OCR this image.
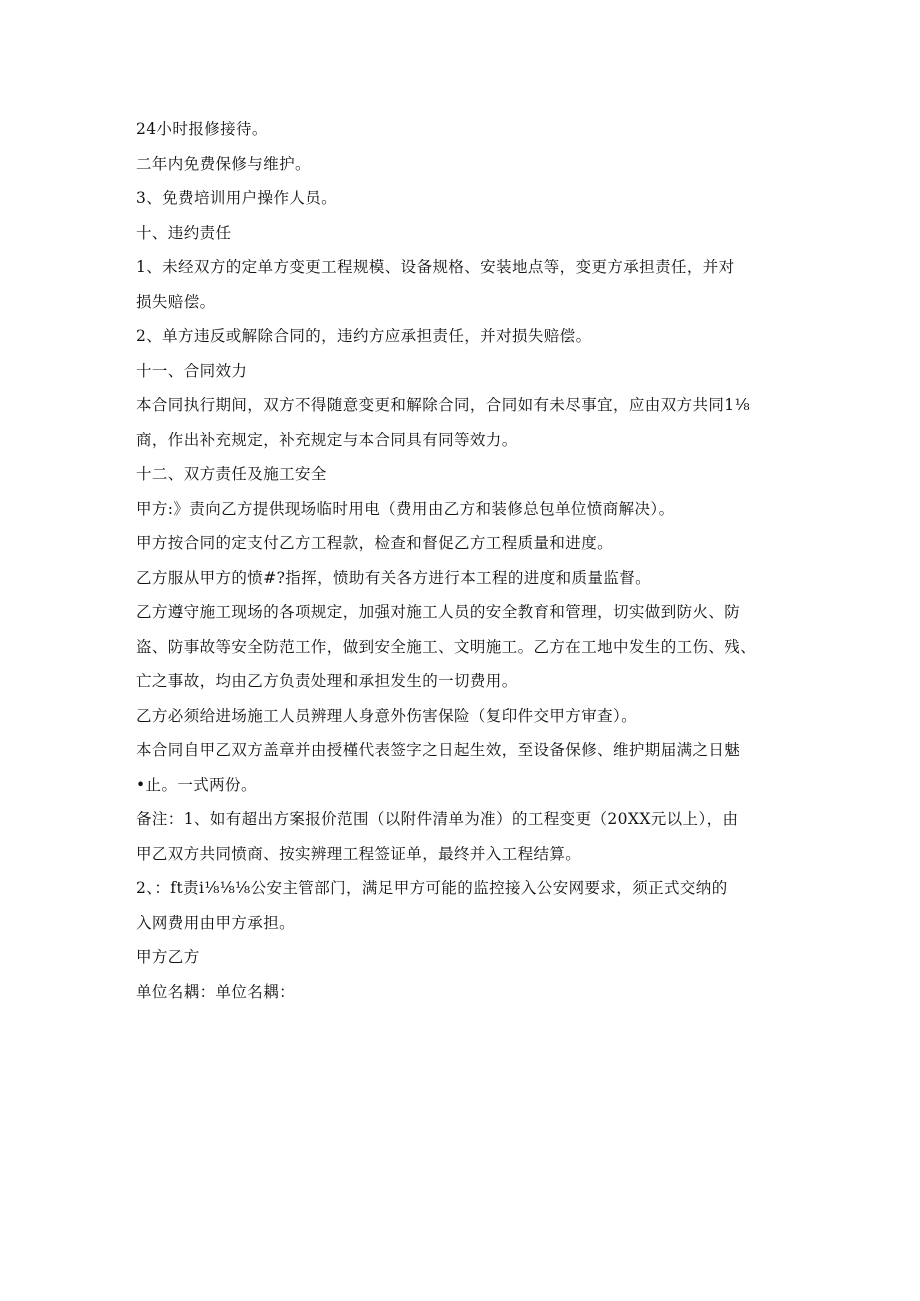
24小时报修接待。
二年内免费保修与维护。
3、免费培训用户操作人员。
十、违约责任
1、未经双方的定单方变更工程规模、设备规格、安装地点等，变更方承担责任，并对
损失赔偿。
2、单方违反或解除合同的，违约方应承担责任，并对损失赔偿。
十一、合同效力
本合同执行期间，双方不得随意变更和解除合同，合同如有未尽事宜，应由双方共同1⅛
商，作出补充规定，补充规定与本合同具有同等效力。
十二、双方责任及施工安全
甲方:》责向乙方提供现场临时用电（费用由乙方和装修总包单位愤商解决）。
甲方按合同的定支付乙方工程款，检查和督促乙方工程质量和进度。
乙方服从甲方的愤#?指挥，愤助有关各方进行本工程的进度和质量监督。
乙方遵守施工现场的各项规定，加强对施工人员的安全教育和管理，切实做到防火、防
盗、防事故等安全防范工作，做到安全施工、文明施工。乙方在工地中发生的工伤、残、
亡之事故，均由乙方负责处理和承担发生的一切费用。
乙方必须给进场施工人员辨理人身意外伤害保险（复印件交甲方审查）。
本合同自甲乙双方盖章并由授槿代表签字之日起生效，至设备保修、维护期届满之日魅
•止。一式两份。
备注：1、如有超出方案报价范围（以附件清单为准）的工程变更（20XX元以上），由
甲乙双方共同愤商、按实辨理工程签证单，最终并入工程结算。
2、：ft责i⅛⅛⅛公安主管部门，满足甲方可能的监控接入公安网要求，须正式交纳的
入网费用由甲方承担。
甲方乙方
单位名耦：单位名耦：
